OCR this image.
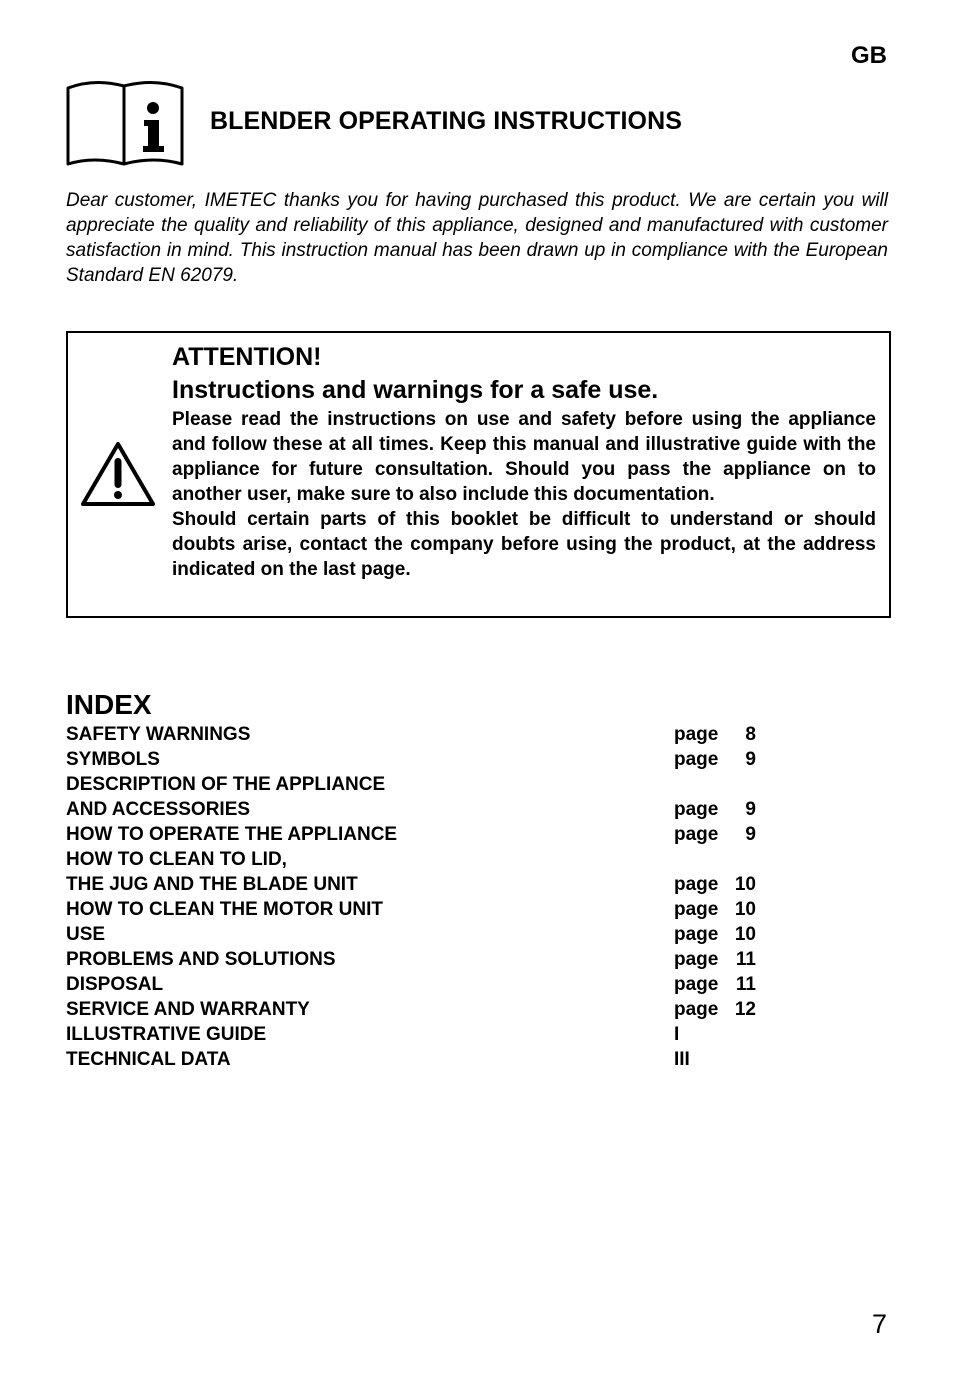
GB
BLENDER OPERATING INSTRUCTIONS

Dear customer, IMETEC thanks you for having purchased this product. We are certain you will appreciate the quality and reliability of this appliance, designed and manufactured with customer satisfaction in mind. This instruction manual has been drawn up in compliance with the European Standard EN 62079.

ATTENTION!

Instructions and warnings for a safe use.

Please read the instructions on use and safety before using the appliance and follow these at all times. Keep this manual and illustrative guide with the appliance for future consultation. Should you pass the appliance on to another user, make sure to also include this documentation.

Should certain parts of this booklet be difficult to understand or should doubts arise, contact the company before using the product, at the address indicated on the last page.

INDEX
SAFETY WARNINGS	page 8
SYMBOLS	page 9
DESCRIPTION OF THE APPLIANCE
AND ACCESSORIES	page 9
HOW TO OPERATE THE APPLIANCE	page 9
HOW TO CLEAN TO LID,
THE JUG AND THE BLADE UNIT	page 10
HOW TO CLEAN THE MOTOR UNIT	page 10
USE	page 10
PROBLEMS AND SOLUTIONS	page 11
DISPOSAL	page 11
SERVICE AND WARRANTY	page 12
ILLUSTRATIVE GUIDE	I
TECHNICAL DATA	III
7
